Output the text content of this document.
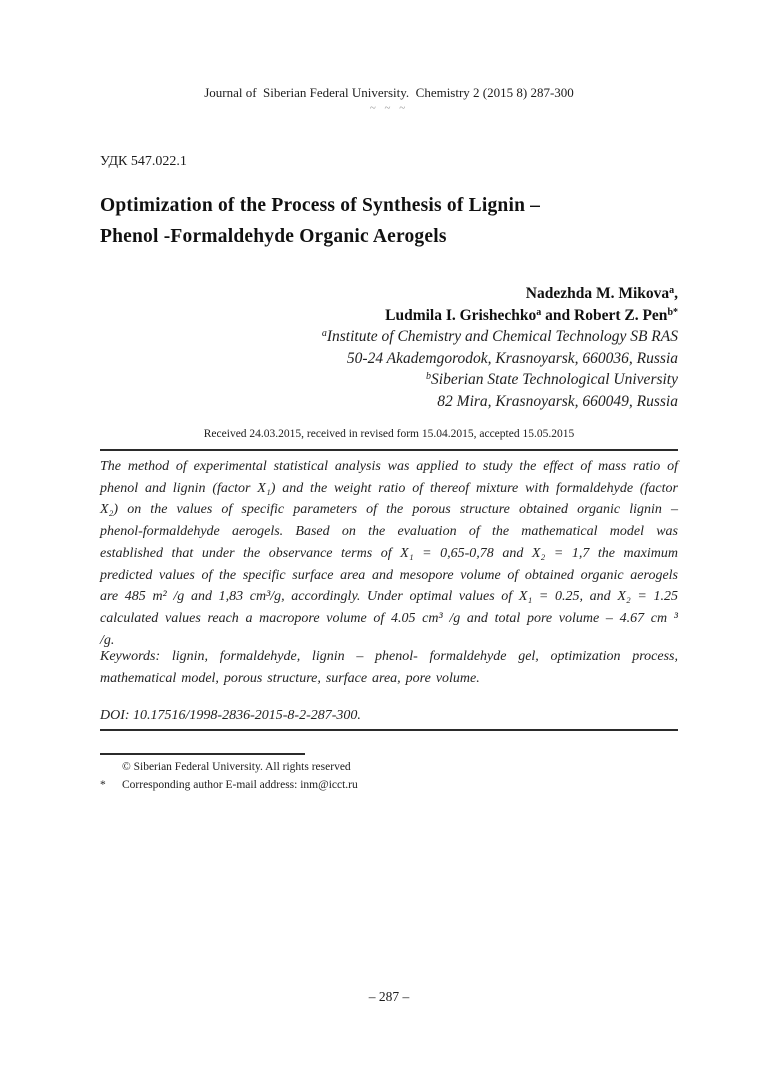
Journal of  Siberian Federal University.  Chemistry 2 (2015 8) 287-300
~ ~ ~
УДК 547.022.1
Optimization of the Process of Synthesis of Lignin –
Phenol -Formaldehyde Organic Aerogels
Nadezhda M. Mikova$^a$,
Ludmila I. Grishechko$^a$ and Robert Z. Pen$^{b*}$
$^a$Institute of Chemistry and Chemical Technology SB RAS
50-24 Akademgorodok, Krasnoyarsk, 660036, Russia
$^b$Siberian State Technological University
82 Mira, Krasnoyarsk, 660049, Russia
Received 24.03.2015, received in revised form 15.04.2015, accepted 15.05.2015
The method of experimental statistical analysis was applied to study the effect of mass ratio of phenol and lignin (factor X₁) and the weight ratio of thereof mixture with formaldehyde (factor X₂) on the values of specific parameters of the porous structure obtained organic lignin – phenol-formaldehyde aerogels. Based on the evaluation of the mathematical model was established that under the observance terms of X₁ = 0,65-0,78 and X₂ = 1,7 the maximum predicted values of the specific surface area and mesopore volume of obtained organic aerogels are 485 m² /g and 1,83 cm³/g, accordingly. Under optimal values of X₁ = 0.25, and X₂ = 1.25 calculated values reach a macropore volume of 4.05 cm³ /g and total pore volume – 4.67 cm ³ /g.
Keywords: lignin, formaldehyde, lignin – phenol- formaldehyde gel, optimization process, mathematical model, porous structure, surface area, pore volume.
DOI: 10.17516/1998-2836-2015-8-2-287-300.
© Siberian Federal University. All rights reserved
* Corresponding author E-mail address: inm@icct.ru
– 287 –
